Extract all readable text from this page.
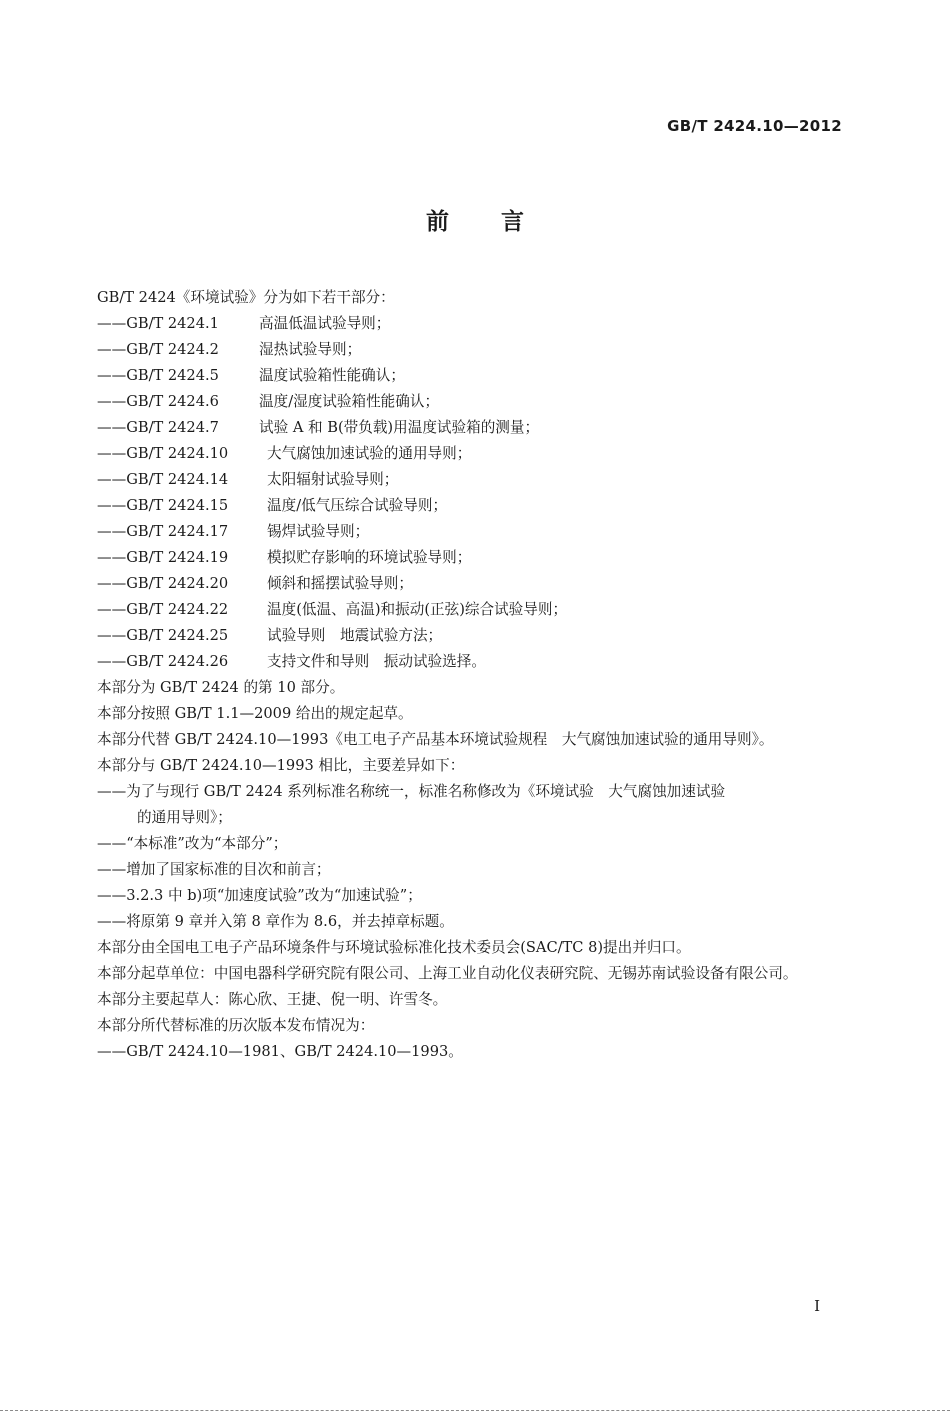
GB/T 2424.10—2012
前言

GB/T 2424《环境试验》分为如下若干部分：

——GB/T 2424.1	高温低温试验导则；
——GB/T 2424.2	湿热试验导则；
——GB/T 2424.5	温度试验箱性能确认；
——GB/T 2424.6	温度/湿度试验箱性能确认；
——GB/T 2424.7	试验 A 和 B(带负载)用温度试验箱的测量；
——GB/T 2424.10	大气腐蚀加速试验的通用导则；
——GB/T 2424.14	太阳辐射试验导则；
——GB/T 2424.15	温度/低气压综合试验导则；
——GB/T 2424.17	锡焊试验导则；
——GB/T 2424.19	模拟贮存影响的环境试验导则；
——GB/T 2424.20	倾斜和摇摆试验导则；
——GB/T 2424.22	温度(低温、高温)和振动(正弦)综合试验导则；
——GB/T 2424.25	试验导则　地震试验方法；
——GB/T 2424.26	支持文件和导则　振动试验选择。

本部分为 GB/T 2424 的第 10 部分。

本部分按照 GB/T 1.1—2009 给出的规定起草。

本部分代替 GB/T 2424.10—1993《电工电子产品基本环境试验规程　大气腐蚀加速试验的通用导则》。

本部分与 GB/T 2424.10—1993 相比，主要差异如下：

——为了与现行 GB/T 2424 系列标准名称统一，标准名称修改为《环境试验　大气腐蚀加速试验

的通用导则》；

——“本标准”改为“本部分”；

——增加了国家标准的目次和前言；

——3.2.3 中 b)项“加速度试验”改为“加速试验”；

——将原第 9 章并入第 8 章作为 8.6，并去掉章标题。

本部分由全国电工电子产品环境条件与环境试验标准化技术委员会(SAC/TC 8)提出并归口。

本部分起草单位：中国电器科学研究院有限公司、上海工业自动化仪表研究院、无锡苏南试验设备有限公司。

本部分主要起草人：陈心欣、王捷、倪一明、许雪冬。

本部分所代替标准的历次版本发布情况为：

——GB/T 2424.10—1981、GB/T 2424.10—1993。

I
